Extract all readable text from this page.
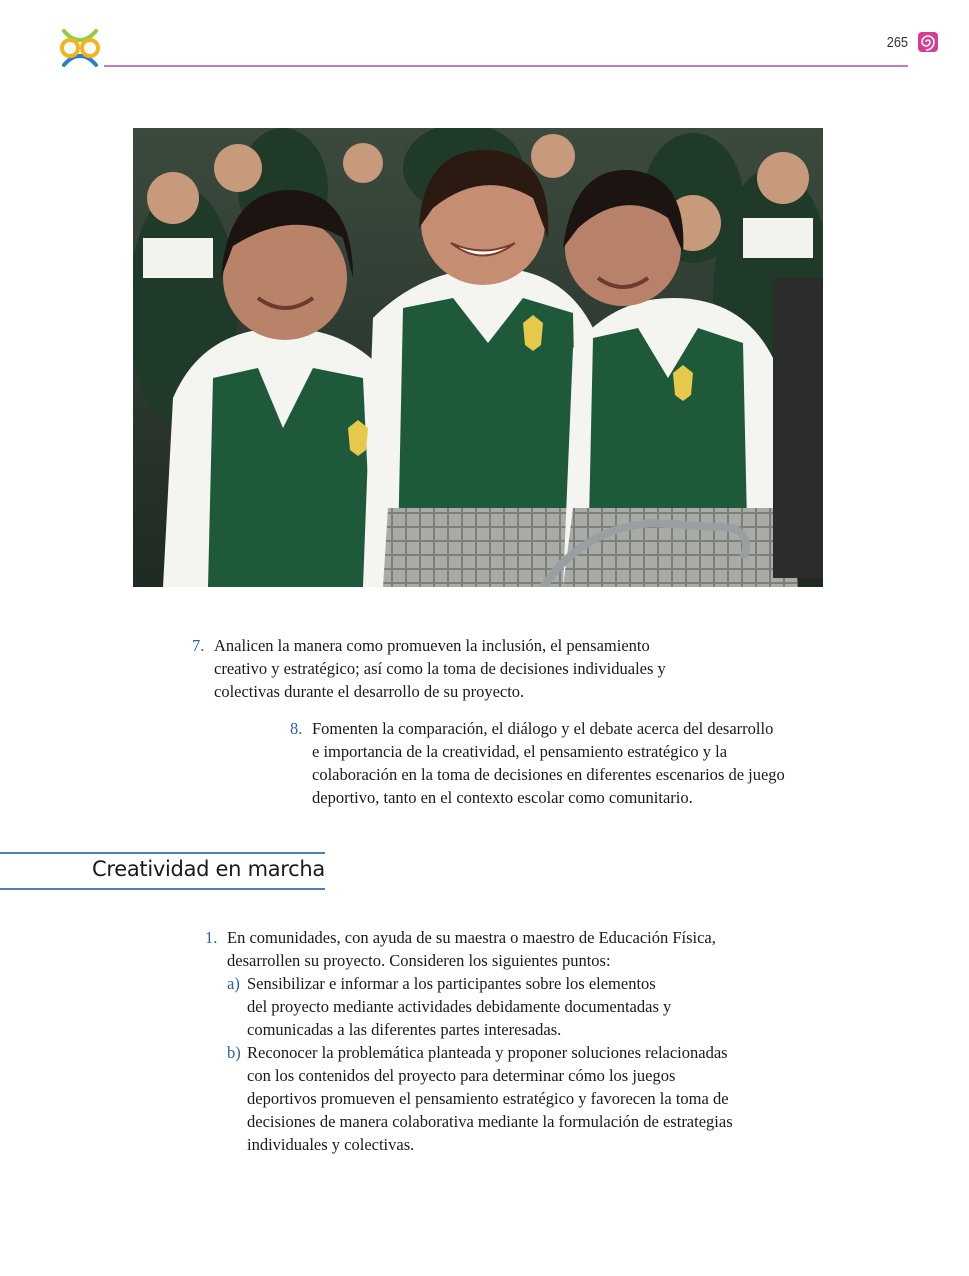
265
7. Analicen la manera como promueven la inclusión, el pensamiento

creativo y estratégico; así como la toma de decisiones individuales y

colectivas durante el desarrollo de su proyecto.

8. Fomenten la comparación, el diálogo y el debate acerca del desarrollo

e importancia de la creatividad, el pensamiento estratégico y la

colaboración en la toma de decisiones en diferentes escenarios de juego

deportivo, tanto en el contexto escolar como comunitario.

Creatividad en marcha
1. En comunidades, con ayuda de su maestra o maestro de Educación Física,

desarrollen su proyecto. Consideren los siguientes puntos:

a) Sensibilizar e informar a los participantes sobre los elementos

del proyecto mediante actividades debidamente documentadas y

comunicadas a las diferentes partes interesadas.

b) Reconocer la problemática planteada y proponer soluciones relacionadas

con los contenidos del proyecto para determinar cómo los juegos

deportivos promueven el pensamiento estratégico y favorecen la toma de

decisiones de manera colaborativa mediante la formulación de estrategias

individuales y colectivas.
